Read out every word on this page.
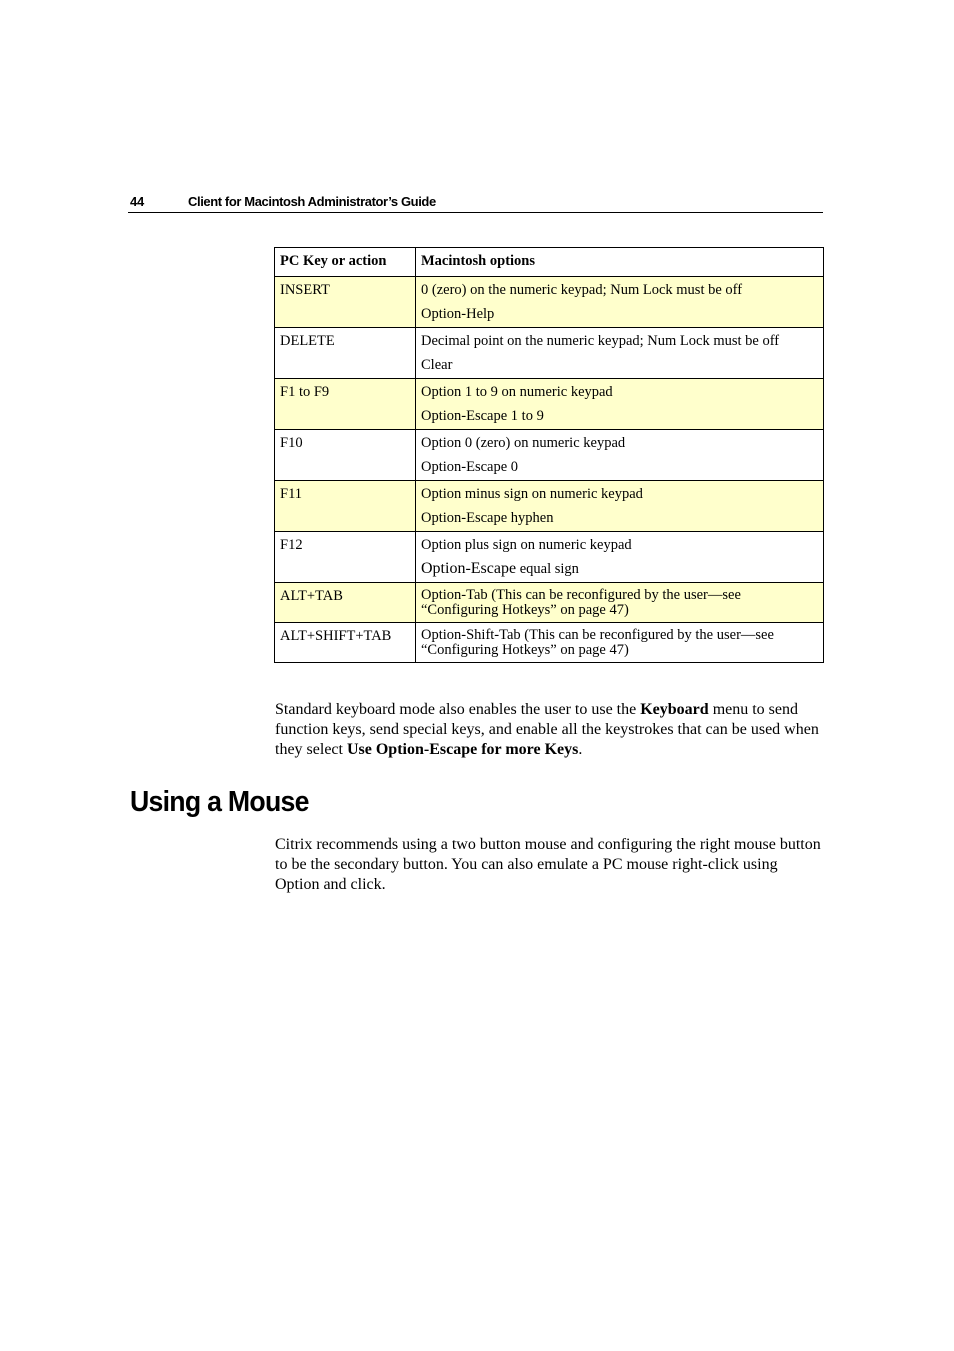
44	Client for Macintosh Administrator’s Guide
PC Key or action	Macintosh options
INSERT	0 (zero) on the numeric keypad; Num Lock must be off
Option-Help

DELETE	Decimal point on the numeric keypad; Num Lock must be off
Clear

F1 to F9	Option 1 to 9 on numeric keypad
Option-Escape 1 to 9

F10	Option 0 (zero) on numeric keypad
Option-Escape 0

F11	Option minus sign on numeric keypad
Option-Escape hyphen

F12	Option plus sign on numeric keypad
Option-Escape equal sign

ALT+TAB	Option-Tab (This can be reconfigured by the user—see
“Configuring Hotkeys” on page 47)

ALT+SHIFT+TAB	Option-Shift-Tab (This can be reconfigured by the user—see
“Configuring Hotkeys” on page 47)
Standard keyboard mode also enables the user to use the Keyboard menu to send function keys, send special keys, and enable all the keystrokes that can be used when they select Use Option-Escape for more Keys.
Using a Mouse
Citrix recommends using a two button mouse and configuring the right mouse button to be the secondary button. You can also emulate a PC mouse right-click using Option and click.
